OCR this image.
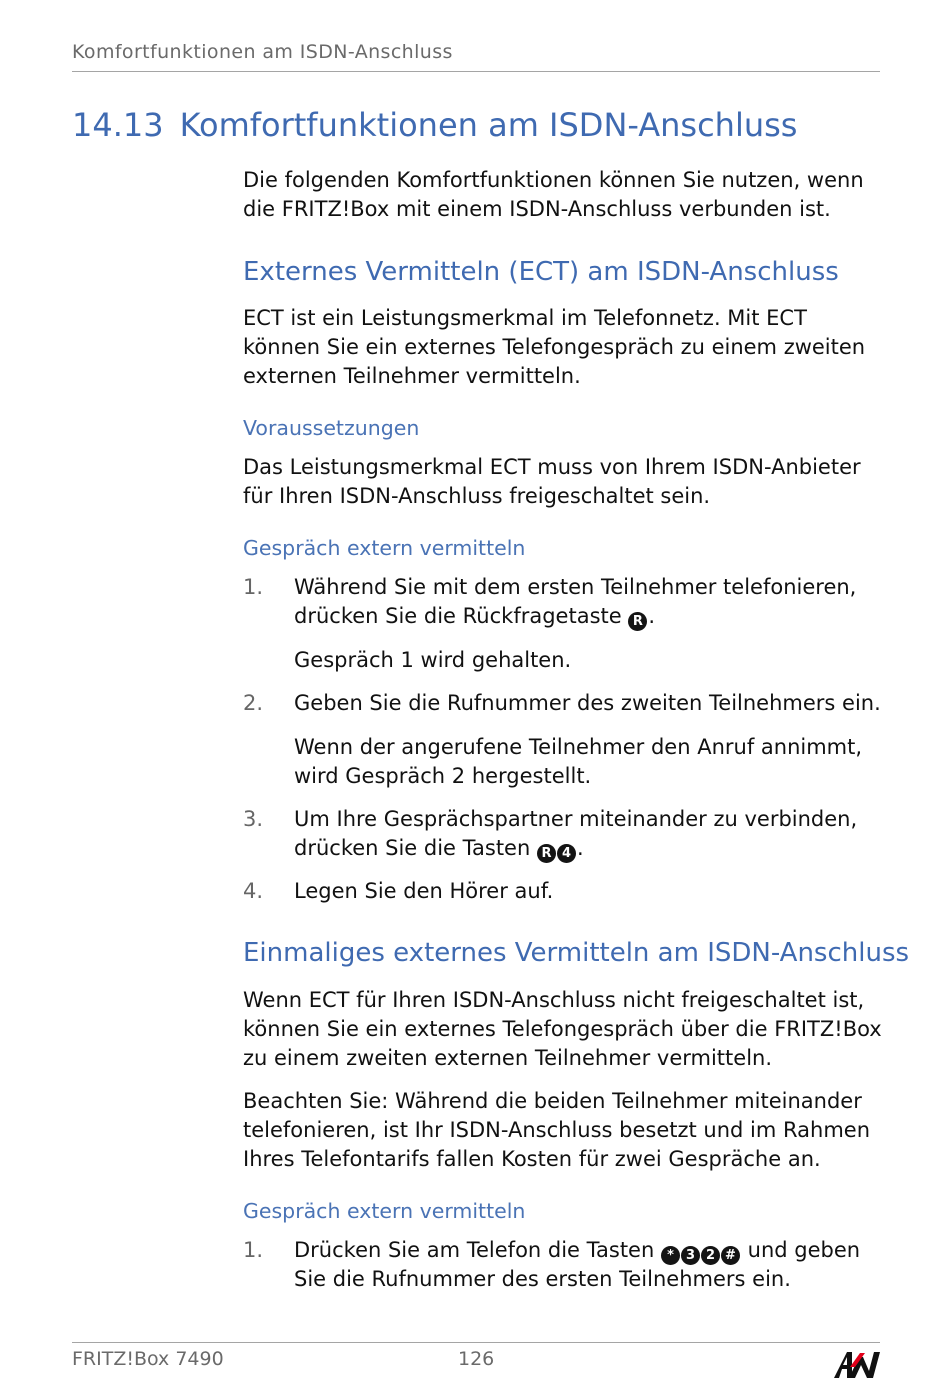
Komfortfunktionen am ISDN-Anschluss
14.13 Komfortfunktionen am ISDN-Anschluss

Die folgenden Komfortfunktionen können Sie nutzen, wenn die FRITZ!Box mit einem ISDN-Anschluss verbunden ist.

Externes Vermitteln (ECT) am ISDN-Anschluss

ECT ist ein Leistungsmerkmal im Telefonnetz. Mit ECT können Sie ein externes Telefongespräch zu einem zweiten externen Teilnehmer vermitteln.

Voraussetzungen

Das Leistungsmerkmal ECT muss von Ihrem ISDN-Anbieter für Ihren ISDN-Anschluss freigeschaltet sein.

Gespräch extern vermitteln
1. Während Sie mit dem ersten Teilnehmer telefonieren, drücken Sie die Rückfragetaste R .

Gespräch 1 wird gehalten.

2. Geben Sie die Rufnummer des zweiten Teilnehmers ein.

Wenn der angerufene Teilnehmer den Anruf annimmt, wird Gespräch 2 hergestellt.

3. Um Ihre Gesprächspartner miteinander zu verbinden, drücken Sie die Tasten R 4 .

4. Legen Sie den Hörer auf.

Einmaliges externes Vermitteln am ISDN-Anschluss

Wenn ECT für Ihren ISDN-Anschluss nicht freigeschaltet ist, können Sie ein externes Telefongespräch über die FRITZ!Box zu einem zweiten externen Teilnehmer vermitteln.

Beachten Sie: Während die beiden Teilnehmer miteinander telefonieren, ist Ihr ISDN-Anschluss besetzt und im Rahmen Ihres Telefontarifs fallen Kosten für zwei Gespräche an.

Gespräch extern vermitteln
1. Drücken Sie am Telefon die Tasten * 3 2 # und geben
Sie die Rufnummer des ersten Teilnehmers ein.

FRITZ!Box 7490	126
